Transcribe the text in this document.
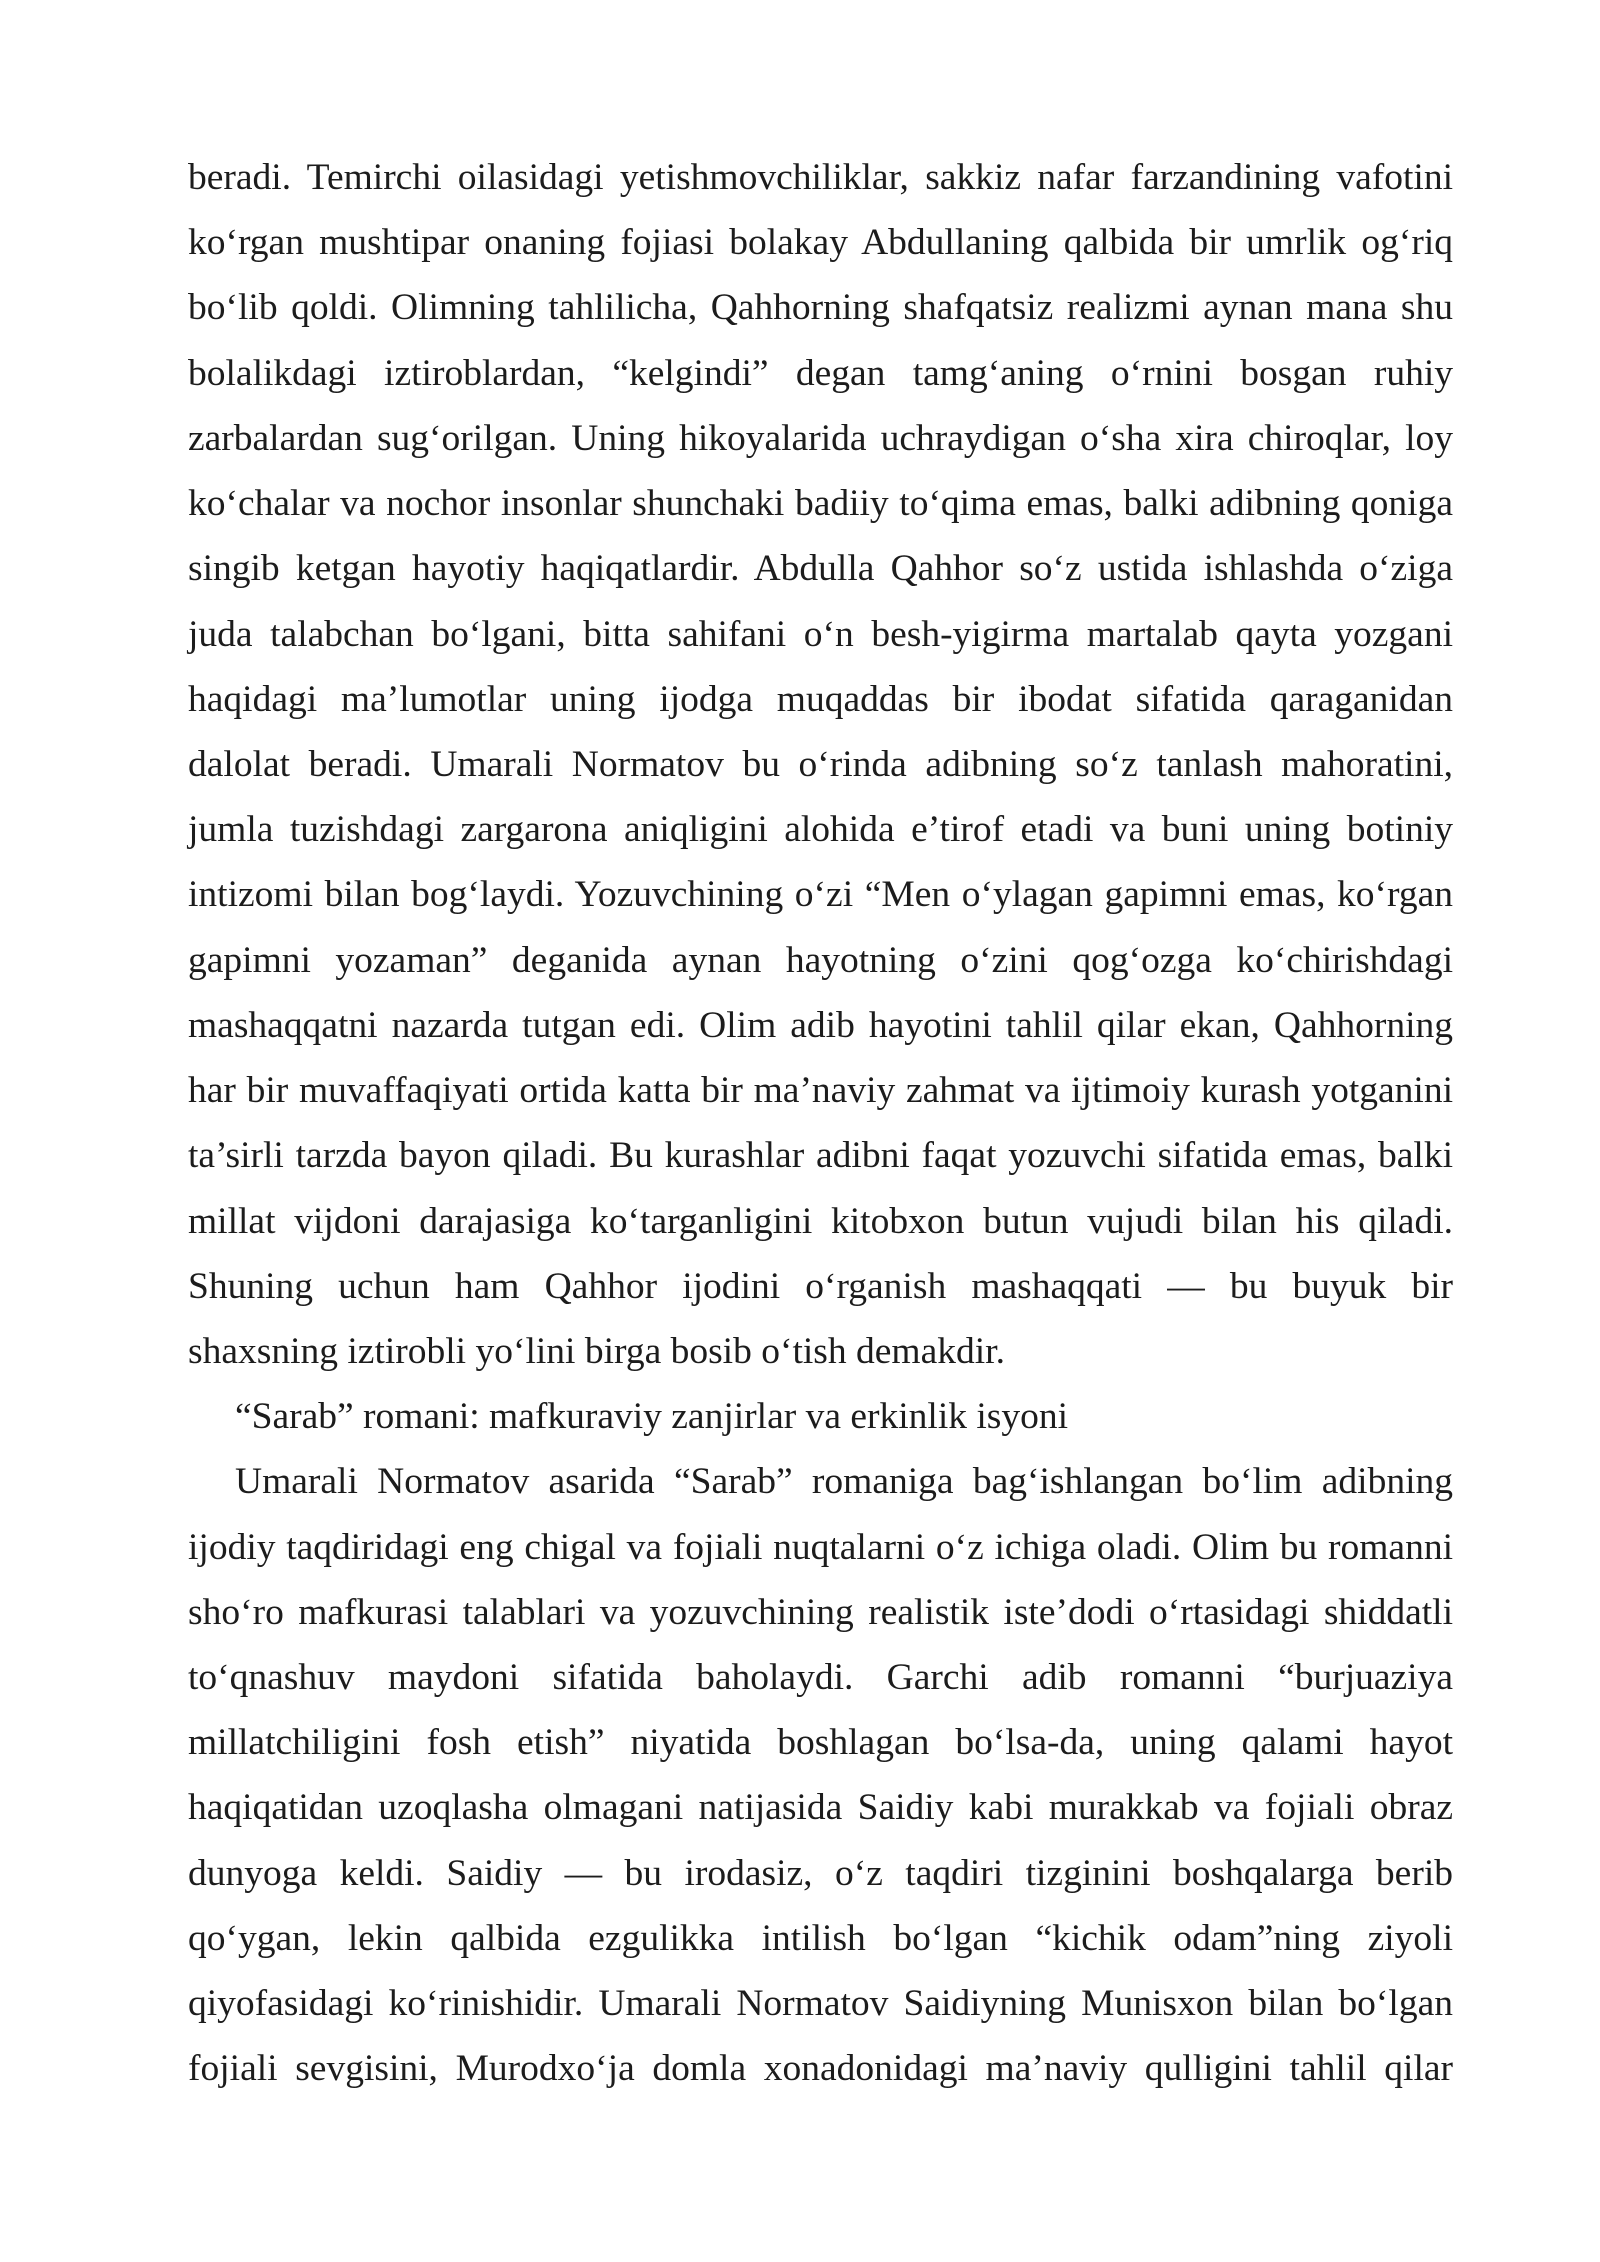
beradi. Temirchi oilasidagi yetishmovchiliklar, sakkiz nafar farzandining vafotini
ko‘rgan mushtipar onaning fojiasi bolakay Abdullaning qalbida bir umrlik og‘riq
bo‘lib qoldi. Olimning tahlilicha, Qahhorning shafqatsiz realizmi aynan mana shu
bolalikdagi iztiroblardan, “kelgindi” degan tamg‘aning o‘rnini bosgan ruhiy
zarbalardan sug‘orilgan. Uning hikoyalarida uchraydigan o‘sha xira chiroqlar, loy
ko‘chalar va nochor insonlar shunchaki badiiy to‘qima emas, balki adibning qoniga
singib ketgan hayotiy haqiqatlardir. Abdulla Qahhor so‘z ustida ishlashda o‘ziga
juda talabchan bo‘lgani, bitta sahifani o‘n besh-yigirma martalab qayta yozgani
haqidagi ma’lumotlar uning ijodga muqaddas bir ibodat sifatida qaraganidan
dalolat beradi. Umarali Normatov bu o‘rinda adibning so‘z tanlash mahoratini,
jumla tuzishdagi zargarona aniqligini alohida e’tirof etadi va buni uning botiniy
intizomi bilan bog‘laydi. Yozuvchining o‘zi “Men o‘ylagan gapimni emas, ko‘rgan
gapimni yozaman” deganida aynan hayotning o‘zini qog‘ozga ko‘chirishdagi
mashaqqatni nazarda tutgan edi. Olim adib hayotini tahlil qilar ekan, Qahhorning
har bir muvaffaqiyati ortida katta bir ma’naviy zahmat va ijtimoiy kurash yotganini
ta’sirli tarzda bayon qiladi. Bu kurashlar adibni faqat yozuvchi sifatida emas, balki
millat vijdoni darajasiga ko‘targanligini kitobxon butun vujudi bilan his qiladi.
Shuning uchun ham Qahhor ijodini o‘rganish mashaqqati — bu buyuk bir
shaxsning iztirobli yo‘lini birga bosib o‘tish demakdir.
“Sarab” romani: mafkuraviy zanjirlar va erkinlik isyoni
Umarali Normatov asarida “Sarab” romaniga bag‘ishlangan bo‘lim adibning
ijodiy taqdiridagi eng chigal va fojiali nuqtalarni o‘z ichiga oladi. Olim bu romanni
sho‘ro mafkurasi talablari va yozuvchining realistik iste’dodi o‘rtasidagi shiddatli
to‘qnashuv maydoni sifatida baholaydi. Garchi adib romanni “burjuaziya
millatchiligini fosh etish” niyatida boshlagan bo‘lsa-da, uning qalami hayot
haqiqatidan uzoqlasha olmagani natijasida Saidiy kabi murakkab va fojiali obraz
dunyoga keldi. Saidiy — bu irodasiz, o‘z taqdiri tizginini boshqalarga berib
qo‘ygan, lekin qalbida ezgulikka intilish bo‘lgan “kichik odam”ning ziyoli
qiyofasidagi ko‘rinishidir. Umarali Normatov Saidiyning Munisxon bilan bo‘lgan
fojiali sevgisini, Murodxo‘ja domla xonadonidagi ma’naviy qulligini tahlil qilar
